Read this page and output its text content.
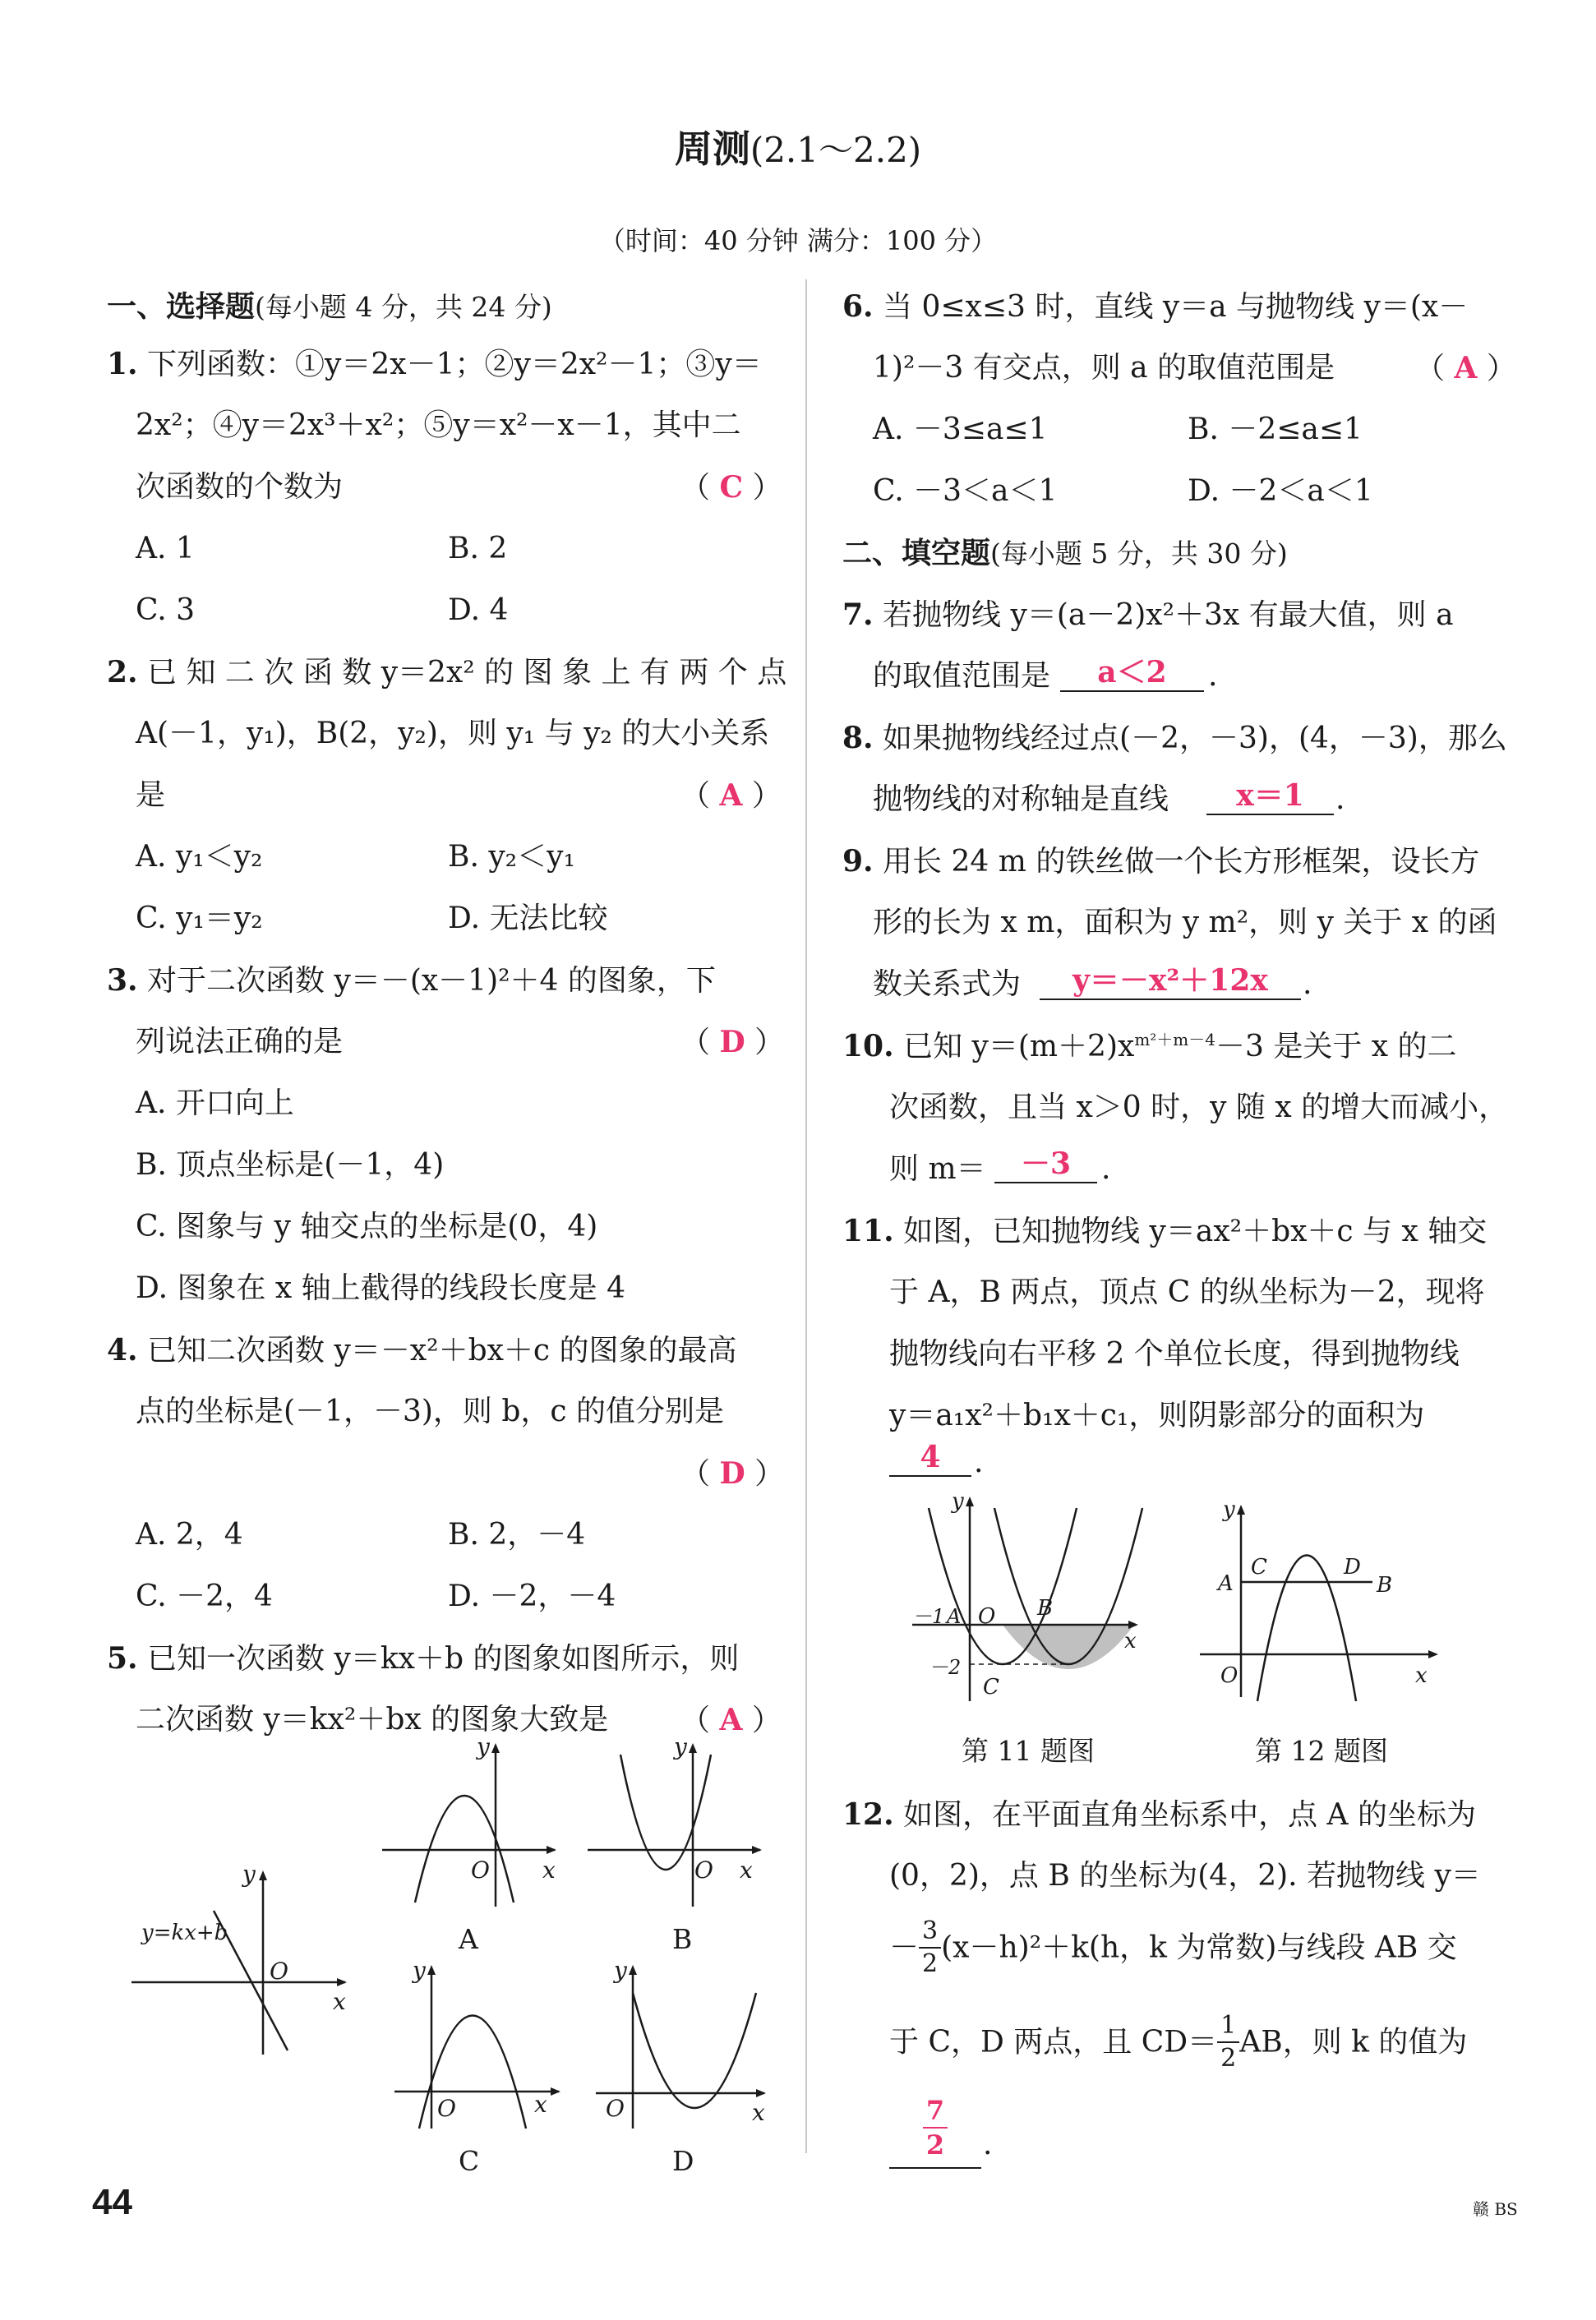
周测(2.1～2.2)
（时间：40 分钟 满分：100 分）
一、选择题(每小题 4 分，共 24 分)
1. 下列函数：①y＝2x－1；②y＝2x²－1；③y＝
2x²；④y＝2x³＋x²；⑤y＝x²－x－1，其中二
次函数的个数为	（ C ）
A. 1	B. 2
C. 3	D. 4
2. 已 知 二 次 函 数 y＝2x² 的 图 象 上 有 两 个 点
A(－1，y₁)，B(2，y₂)，则 y₁ 与 y₂ 的大小关系
是	（ A ）
A. y₁＜y₂	B. y₂＜y₁
C. y₁＝y₂	D. 无法比较
3. 对于二次函数 y＝－(x－1)²＋4 的图象，下
列说法正确的是	（ D ）
A. 开口向上
B. 顶点坐标是(－1，4)
C. 图象与 y 轴交点的坐标是(0，4)
D. 图象在 x 轴上截得的线段长度是 4
4. 已知二次函数 y＝－x²＋bx＋c 的图象的最高
点的坐标是(－1，－3)，则 b，c 的值分别是
（ D ）
A. 2，4	B. 2，－4
C. －2，4	D. －2，－4
5. 已知一次函数 y＝kx＋b 的图象如图所示，则
二次函数 y＝kx²＋bx 的图象大致是 （ A ）
y
x
O
y=kx+b
y
x
O
A
y
x
O
B
y
x
O
C
y
x
O
D
44
6. 当 0≤x≤3 时，直线 y＝a 与抛物线 y＝(x－
1)²－3 有交点，则 a 的取值范围是	（ A ）
A. －3≤a≤1	B. －2≤a≤1
C. －3＜a＜1	D. －2＜a＜1
二、填空题(每小题 5 分，共 30 分)
7. 若抛物线 y＝(a－2)x²＋3x 有最大值，则 a
的取值范围是	a＜2	.
8. 如果抛物线经过点(－2，－3)，(4，－3)，那么
抛物线的对称轴是直线	x＝1	.
9. 用长 24 m 的铁丝做一个长方形框架，设长方
形的长为 x m，面积为 y m²，则 y 关于 x 的函
数关系式为	y＝－x²＋12x	.
10. 已知 $y=(m+2)x^{m^2+m-4}-3$ 是关于 x 的二
次函数，且当 x＞0 时，y 随 x 的增大而减小，
则 m＝	－3	.
11. 如图，已知抛物线 y＝ax²＋bx＋c 与 x 轴交
于 A，B 两点，顶点 C 的纵坐标为－2，现将
抛物线向右平移 2 个单位长度，得到抛物线
y＝a₁x²＋b₁x＋c₁，则阴影部分的面积为
4	.
y
x
－1 A O B
－2
C
第 11 题图
y
x
A
C	D
B
O
第 12 题图
12. 如图，在平面直角坐标系中，点 A 的坐标为
(0，2)，点 B 的坐标为(4，2). 若抛物线 y＝
－ $\frac{3}{2} (x-h)^2+k(h$，k 为常数)与线段 AB 交
于 C，D 两点，且 $CD= \frac{1}{2}$ AB，则 k 的值为
$\frac{7}{2}$ .
赣 BS
